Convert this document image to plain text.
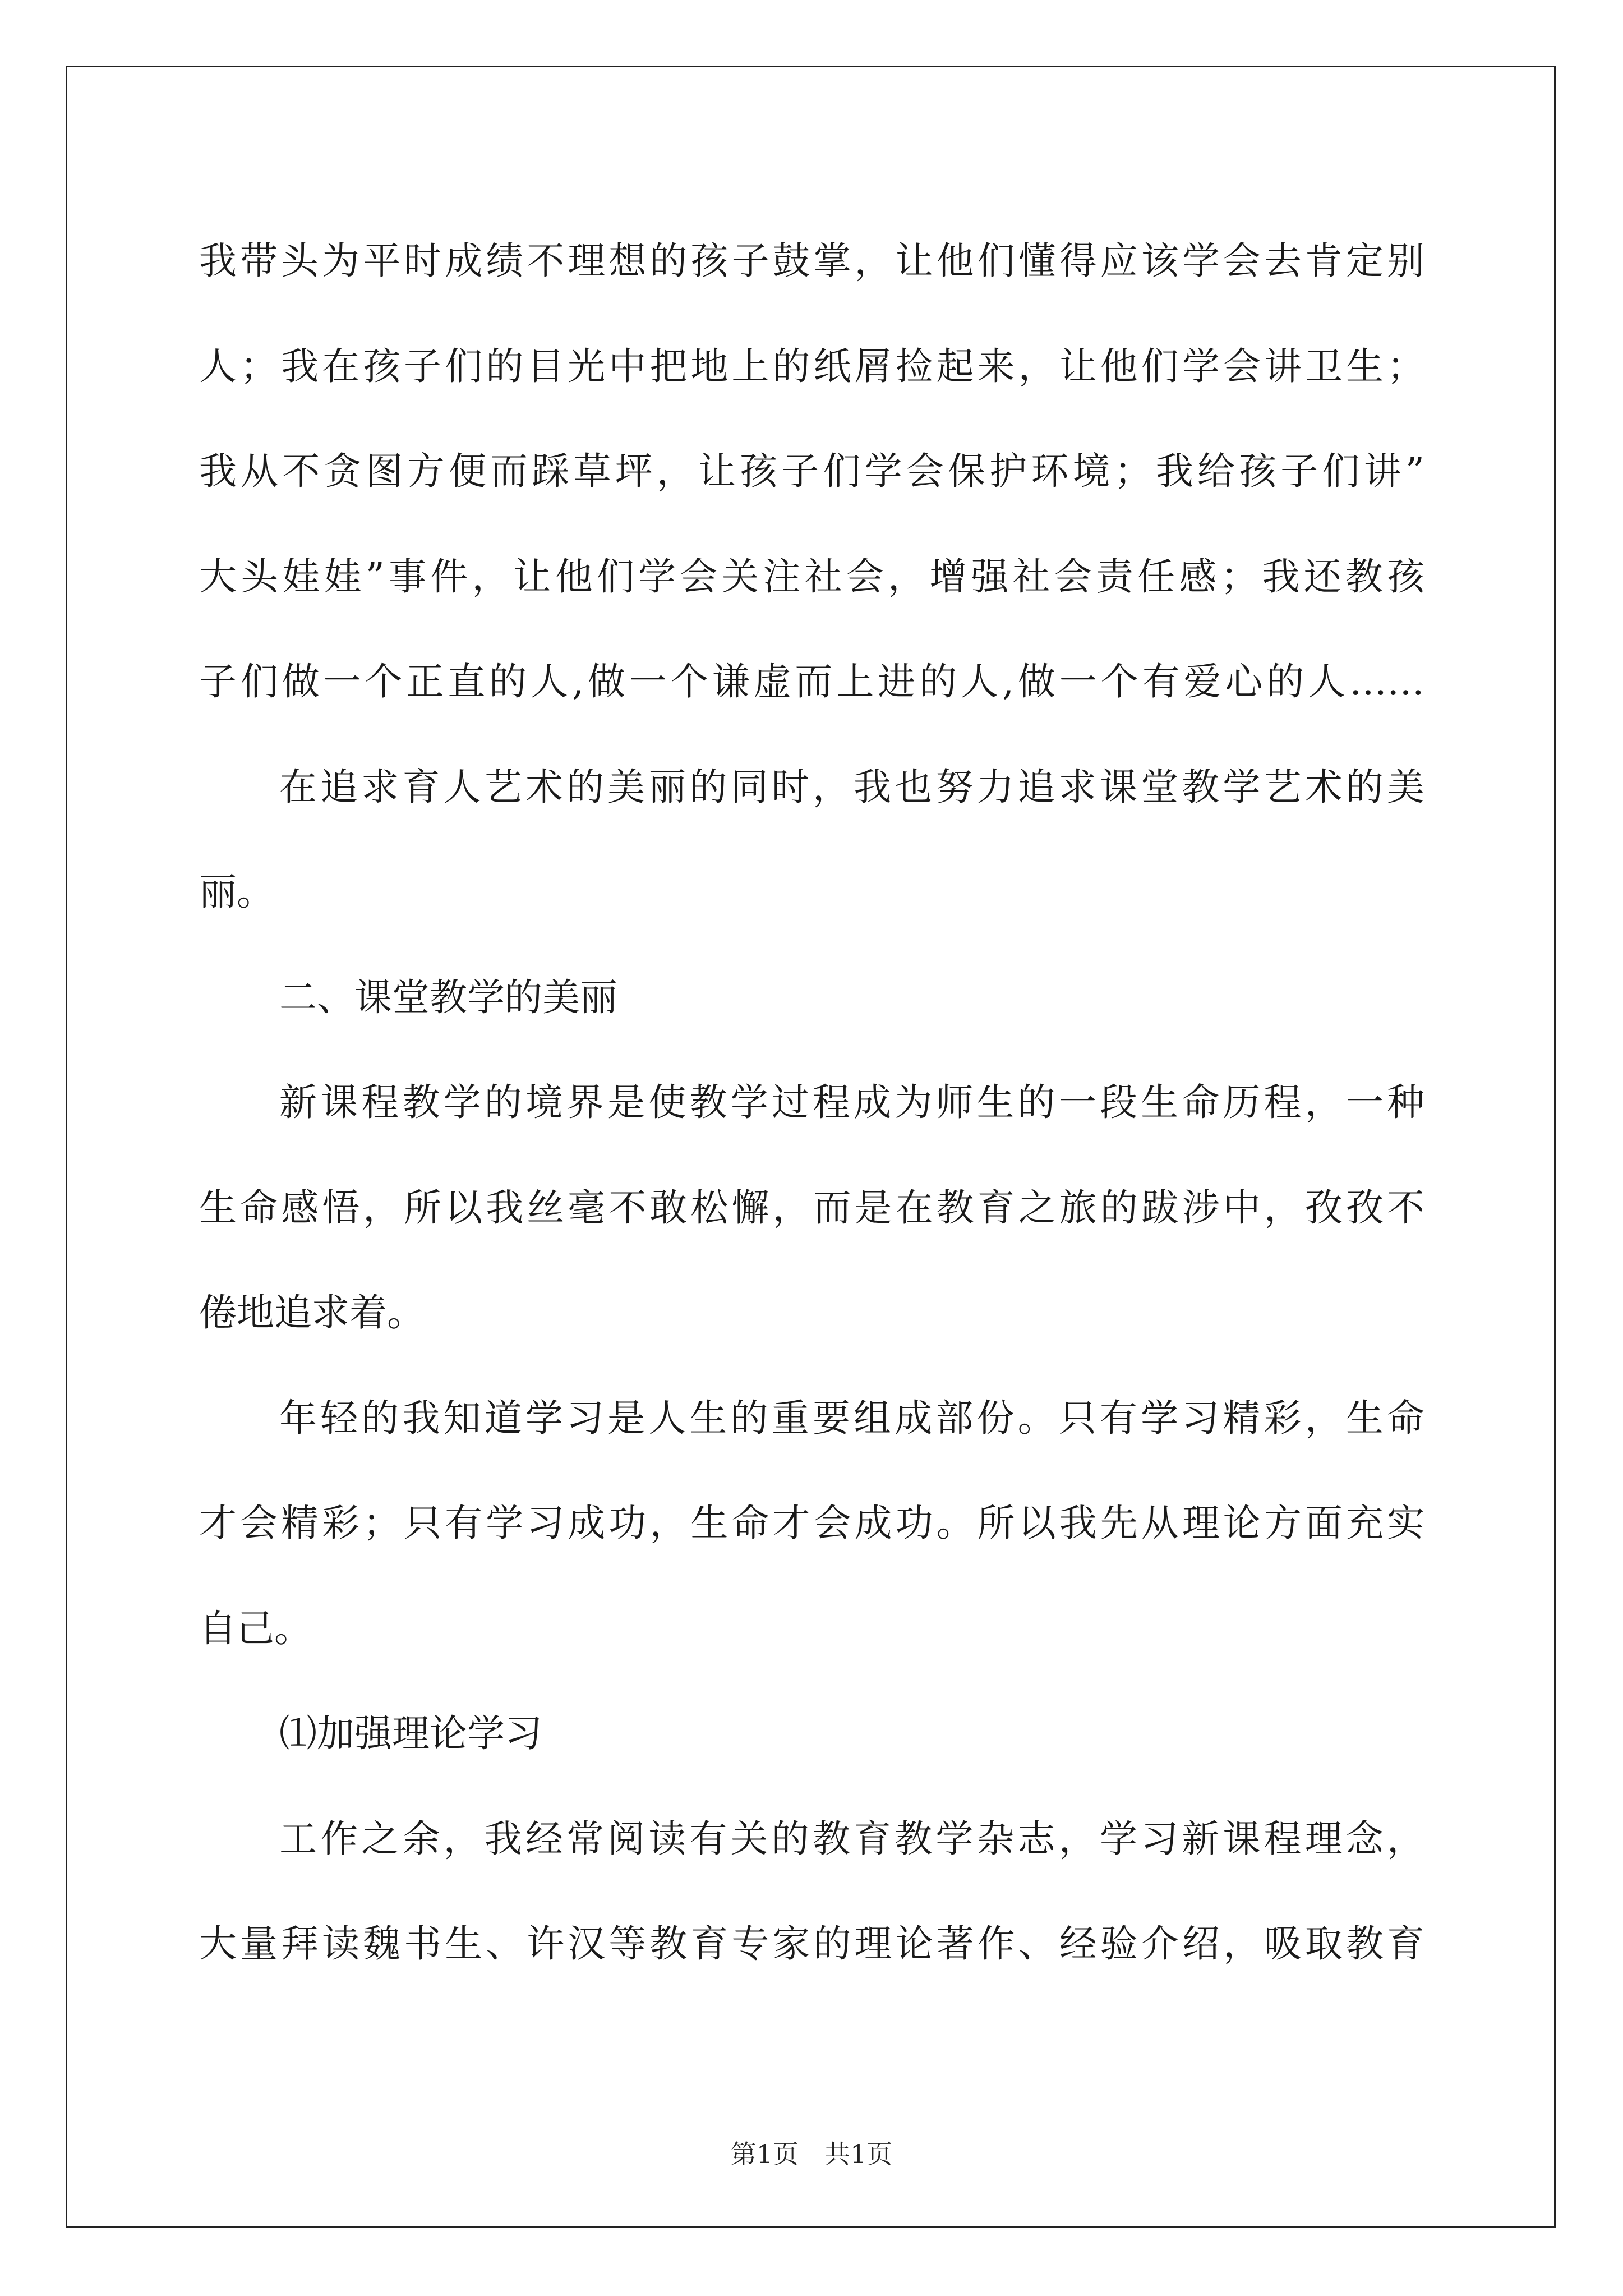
我带头为平时成绩不理想的孩子鼓掌，让他们懂得应该学会去肯定别
人；我在孩子们的目光中把地上的纸屑捡起来，让他们学会讲卫生；
我从不贪图方便而踩草坪，让孩子们学会保护环境；我给孩子们讲”
大头娃娃”事件，让他们学会关注社会，增强社会责任感；我还教孩
子们做一个正直的人,做一个谦虚而上进的人,做一个有爱心的人……
在追求育人艺术的美丽的同时，我也努力追求课堂教学艺术的美
丽。
二、课堂教学的美丽
新课程教学的境界是使教学过程成为师生的一段生命历程，一种
生命感悟，所以我丝毫不敢松懈，而是在教育之旅的跋涉中，孜孜不
倦地追求着。
年轻的我知道学习是人生的重要组成部份。只有学习精彩，生命
才会精彩；只有学习成功，生命才会成功。所以我先从理论方面充实
自己。
⑴加强理论学习
工作之余，我经常阅读有关的教育教学杂志，学习新课程理念，
大量拜读魏书生、许汉等教育专家的理论著作、经验介绍，吸取教育
第1页　共1页
